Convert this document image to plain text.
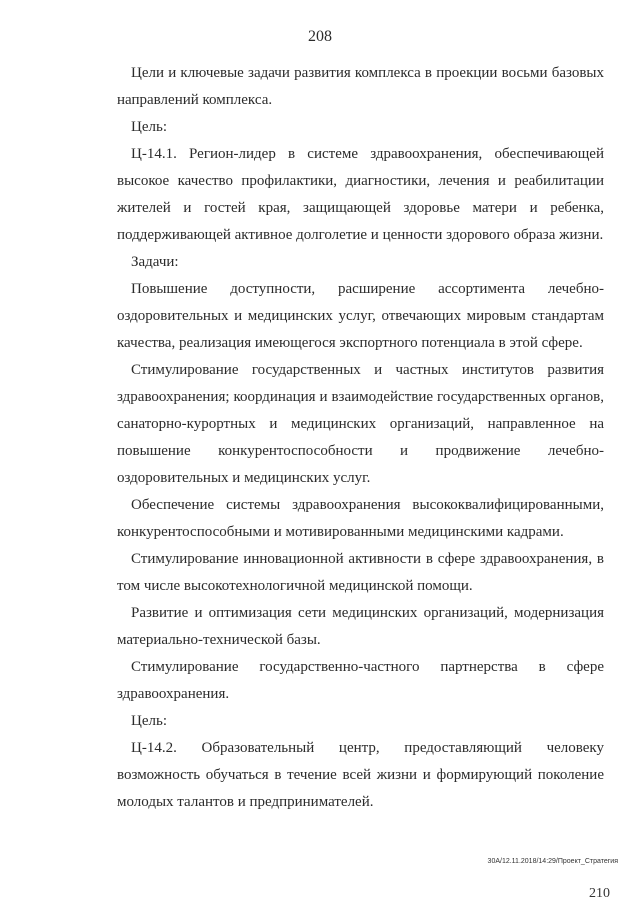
208

Цели и ключевые задачи развития комплекса в проекции восьми базовых направлений комплекса.

Цель:

Ц-14.1. Регион-лидер в системе здравоохранения, обеспечивающей высокое качество профилактики, диагностики, лечения и реабилитации жителей и гостей края, защищающей здоровье матери и ребенка, поддерживающей активное долголетие и ценности здорового образа жизни.

Задачи:

Повышение доступности, расширение ассортимента лечебно-оздоровительных и медицинских услуг, отвечающих мировым стандартам качества, реализация имеющегося экспортного потенциала в этой сфере.

Стимулирование государственных и частных институтов развития здравоохранения; координация и взаимодействие государственных органов, санаторно-курортных и медицинских организаций, направленное на повышение конкурентоспособности и продвижение лечебно-оздоровительных и медицинских услуг.

Обеспечение системы здравоохранения высококвалифицированными, конкурентоспособными и мотивированными медицинскими кадрами.

Стимулирование инновационной активности в сфере здравоохранения, в том числе высокотехнологичной медицинской помощи.

Развитие и оптимизация сети медицинских организаций, модернизация материально-технической базы.

Стимулирование государственно-частного партнерства в сфере здравоохранения.

Цель:

Ц-14.2. Образовательный центр, предоставляющий человеку возможность обучаться в течение всей жизни и формирующий поколение молодых талантов и предпринимателей.

30А/12.11.2018/14:29/Проект_Стратегия
210
